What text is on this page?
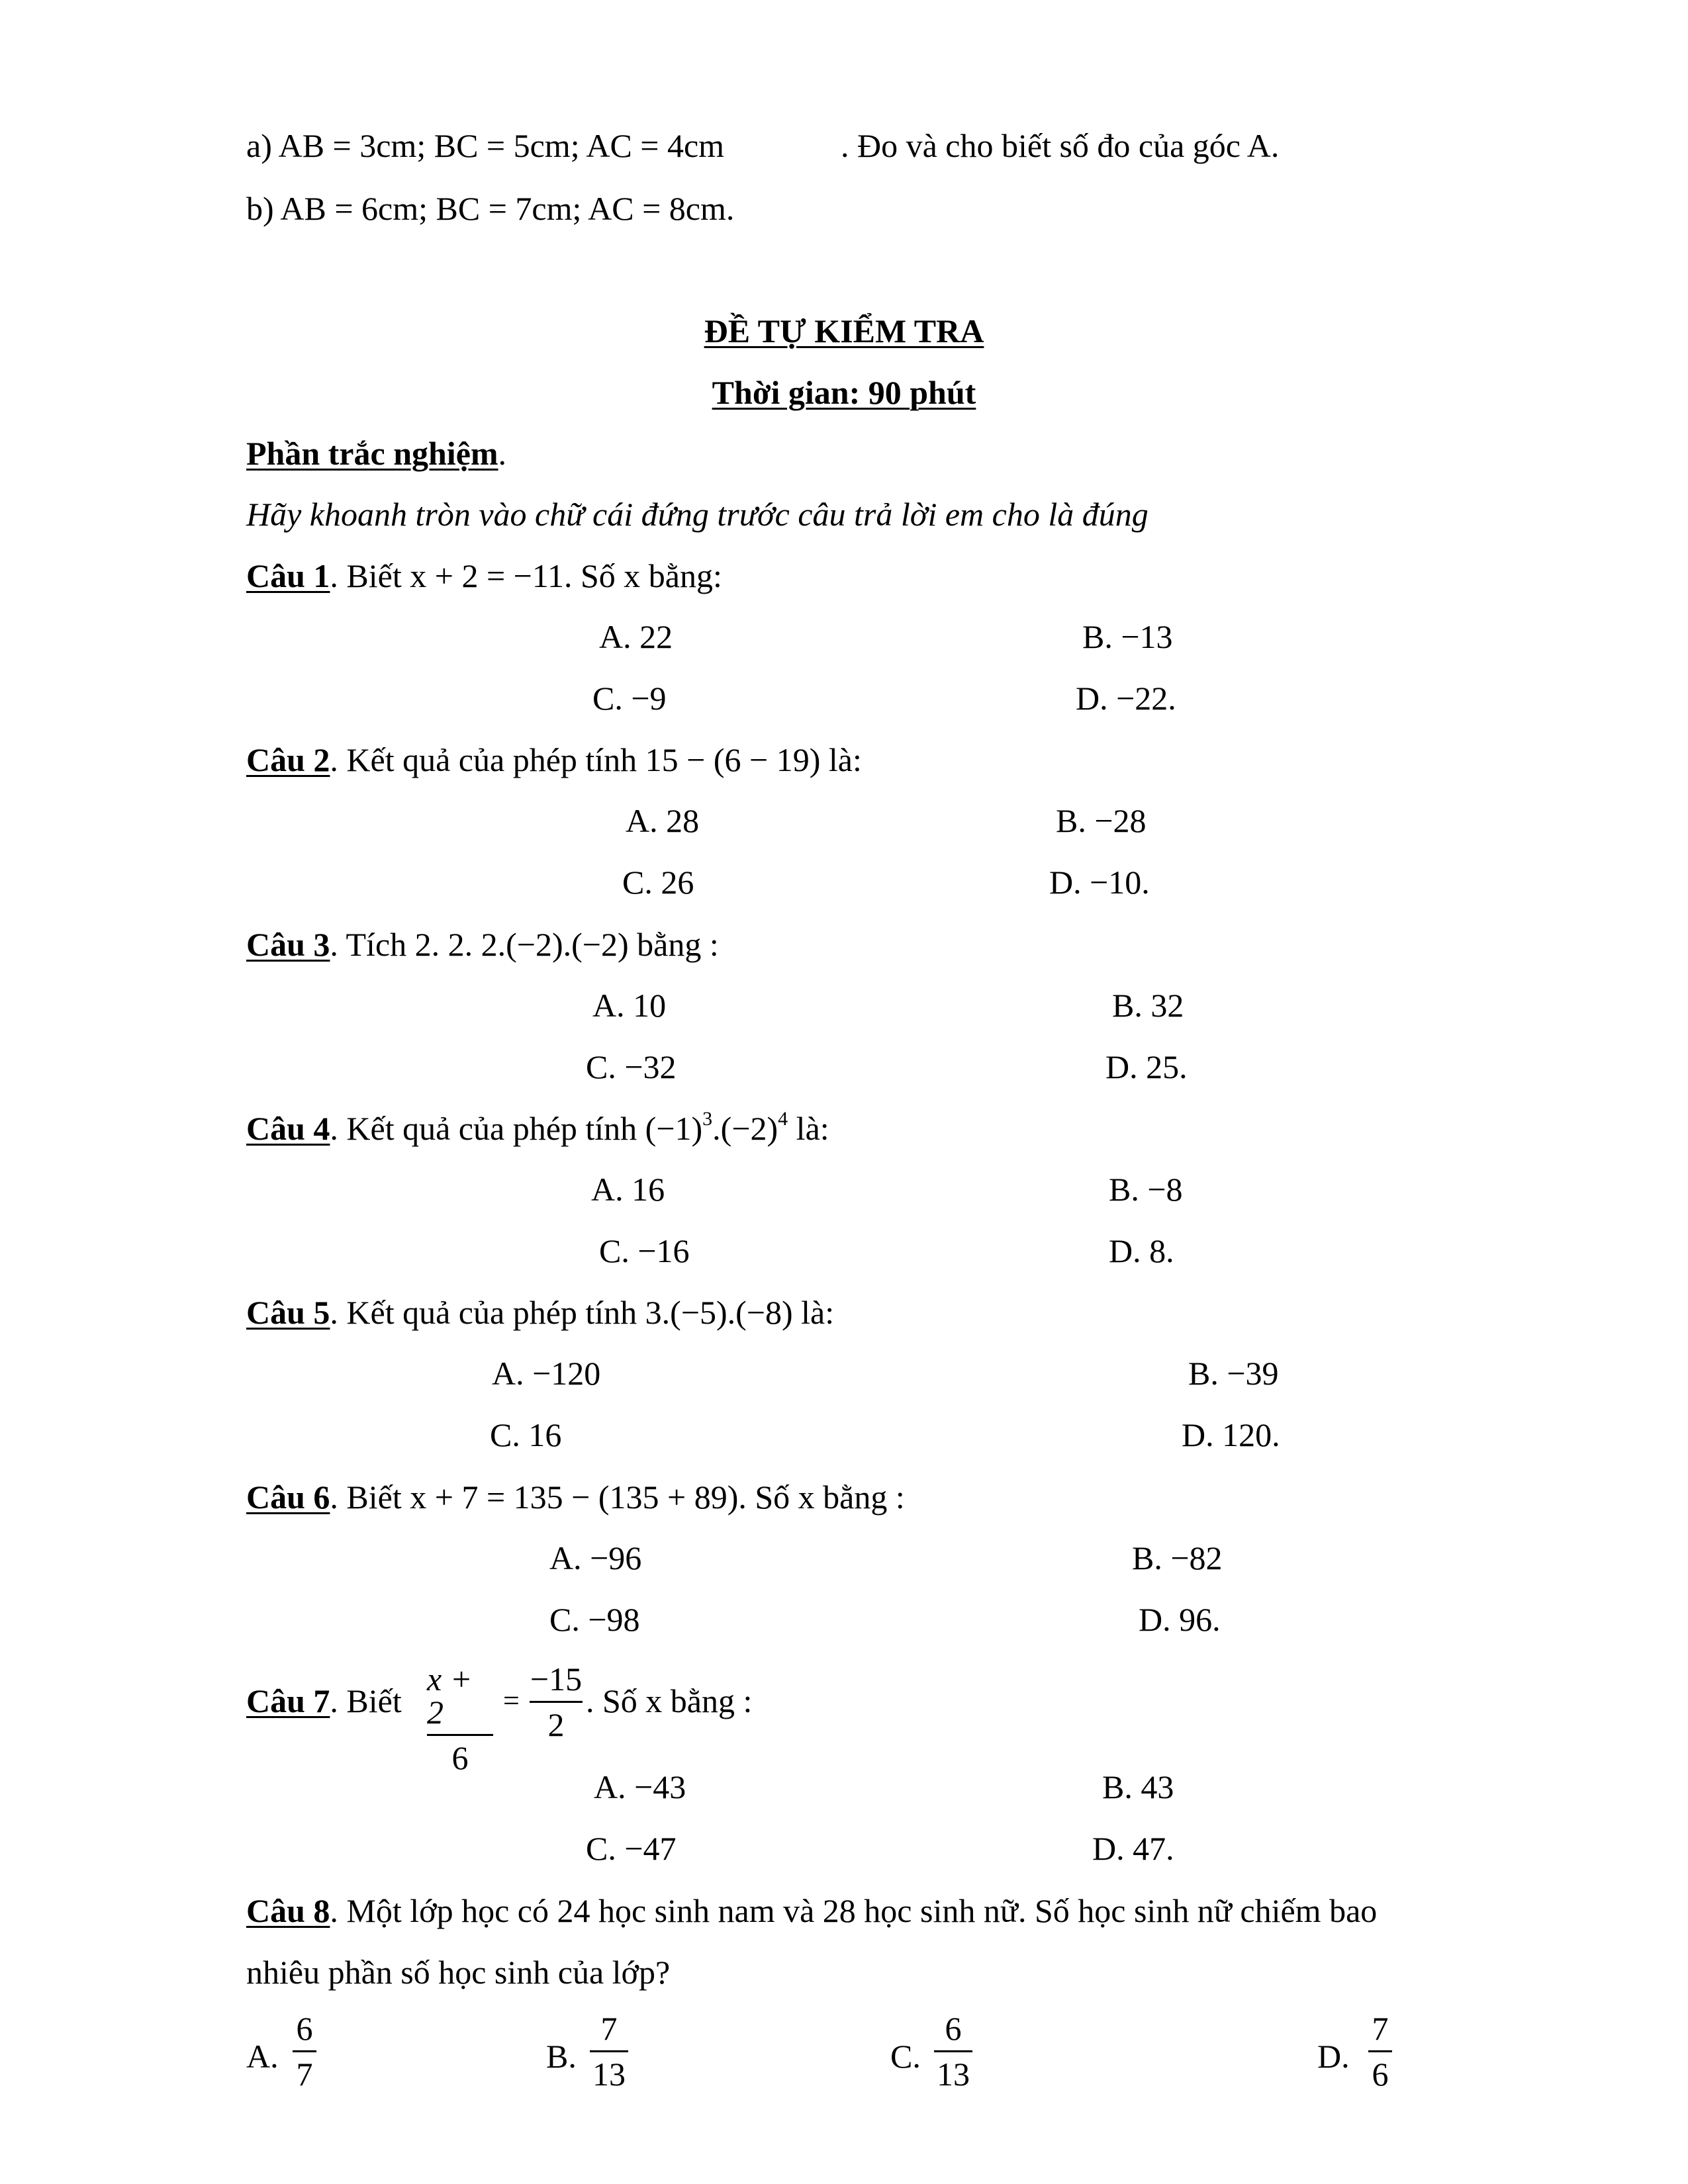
a) AB = 3cm; BC = 5cm; AC = 4cm	. Đo và cho biết số đo của góc A.
b) AB = 6cm; BC = 7cm; AC = 8cm.
ĐỀ TỰ KIỂM TRA
Thời gian: 90 phút
Phần trắc nghiệm.
Hãy khoanh tròn vào chữ cái đứng trước câu trả lời em cho là đúng
Câu 1. Biết x + 2 = −11. Số x bằng:
A. 22	B. −13
C. −9	D. −22.
Câu 2. Kết quả của phép tính 15 − (6 − 19) là:
A. 28	B. −28
C. 26	D. −10.
Câu 3. Tích 2. 2. 2.(−2).(−2) bằng :
A. 10	B. 32
C. −32	D. 25.
Câu 4. Kết quả của phép tính $(-1)^3.(-2)^4$ là:
A. 16	B. −8
C. −16	D. 8.
Câu 5. Kết quả của phép tính 3.(−5).(−8) là:
A. −120	B. −39
C. 16	D. 120.
Câu 6. Biết x + 7 = 135 − (135 + 89). Số x bằng :
A. −96	B. −82
C. −98	D. 96.
Câu 7. Biết
x + 2
6
=
−15
2
. Số x bằng :
A. −43	B. 43
C. −47	D. 47.
Câu 8. Một lớp học có 24 học sinh nam và 28 học sinh nữ. Số học sinh nữ chiếm bao
nhiêu phần số học sinh của lớp?
A.
6
7	B.
7
13	C.
6
13	D.
7
6
